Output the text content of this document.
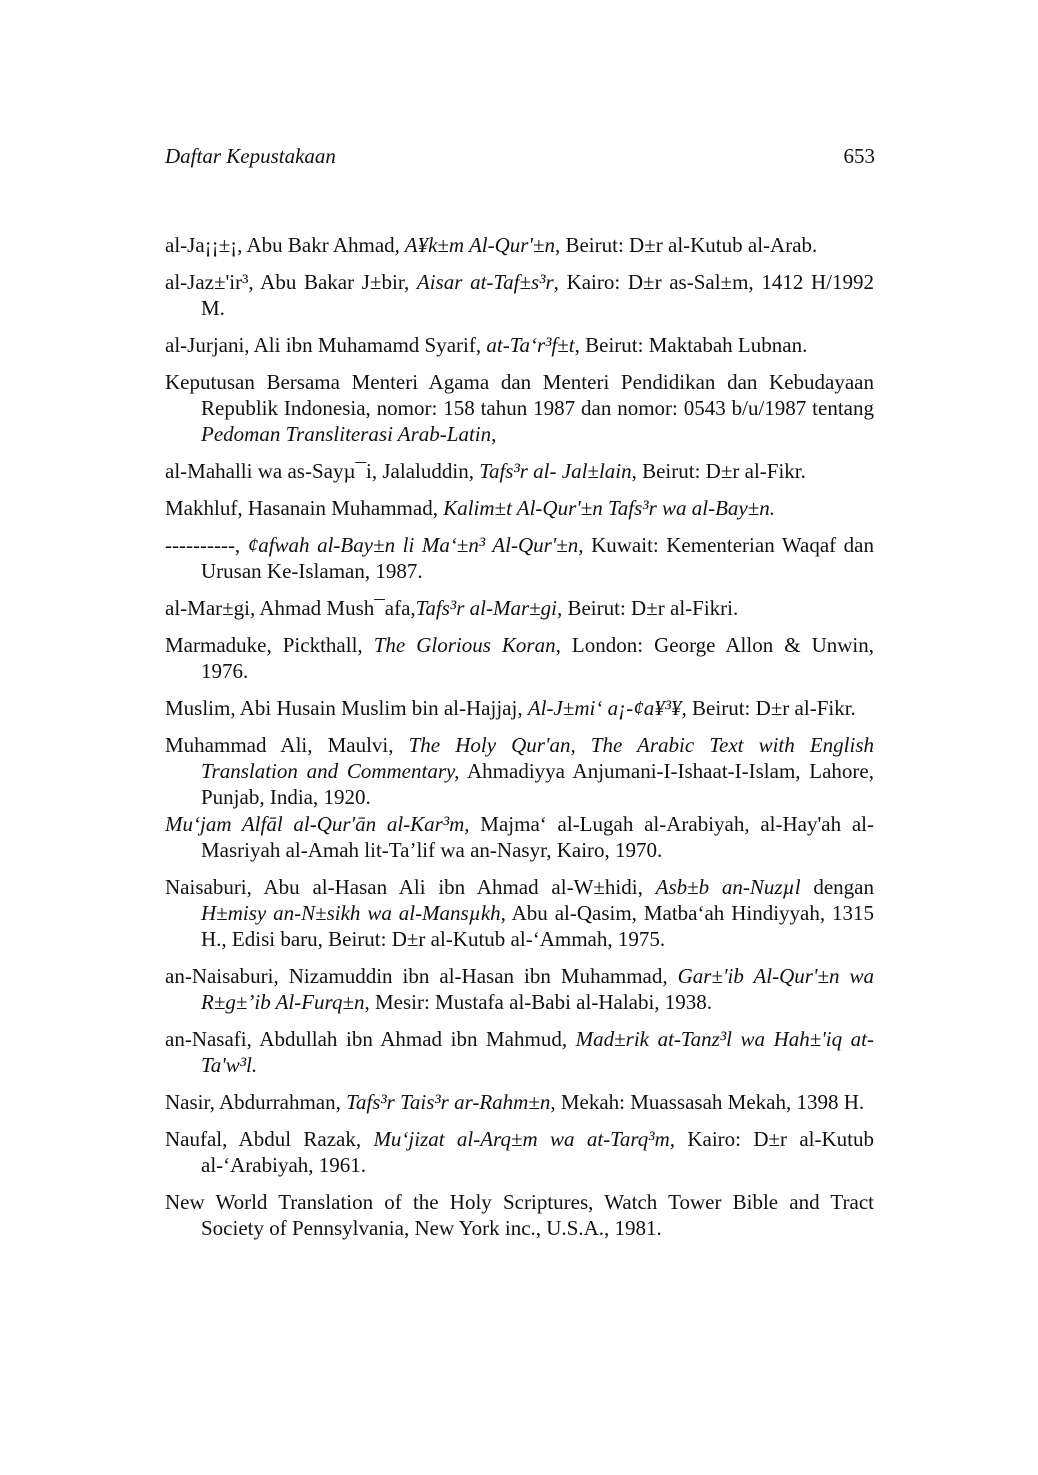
Daftar Kepustakaan	653

al-Ja¡¡±¡, Abu Bakr Ahmad, A¥k±m Al-Qur'±n, Beirut: D±r al-Kutub al-Arab.

al-Jaz±'ir³, Abu Bakar J±bir, Aisar at-Taf±s³r, Kairo: D±r as-Sal±m, 1412 H/1992 M.

al-Jurjani, Ali ibn Muhamamd Syarif, at-Ta‘r³f±t, Beirut: Maktabah Lubnan.

Keputusan Bersama Menteri Agama dan Menteri Pendidikan dan Kebudayaan Republik Indonesia, nomor: 158 tahun 1987 dan nomor: 0543 b/u/1987 tentang Pedoman Transliterasi Arab-Latin,

al-Mahalli wa as-Sayµ¯i, Jalaluddin, Tafs³r al- Jal±lain, Beirut: D±r al-Fikr.

Makhluf, Hasanain Muhammad, Kalim±t Al-Qur'±n Tafs³r wa al-Bay±n.

----------, ¢afwah al-Bay±n li Ma‘±n³ Al-Qur'±n, Kuwait: Kementerian Waqaf dan Urusan Ke-Islaman, 1987.

al-Mar±gi, Ahmad Mush¯afa,Tafs³r al-Mar±gi, Beirut: D±r al-Fikri.

Marmaduke, Pickthall, The Glorious Koran, London: George Allon & Unwin, 1976.

Muslim, Abi Husain Muslim bin al-Hajjaj, Al-J±mi‘ a¡-¢a¥³¥, Beirut: D±r al-Fikr.

Muhammad Ali, Maulvi, The Holy Qur'an, The Arabic Text with English Translation and Commentary, Ahmadiyya Anjumani-I-Ishaat-I-Islam, Lahore, Punjab, India, 1920.

Mu‘jam Alfāl al-Qur'ān al-Kar³m, Majma‘ al-Lugah al-Arabiyah, al-Hay'ah al-Masriyah al-Amah lit-Ta’lif wa an-Nasyr, Kairo, 1970.

Naisaburi, Abu al-Hasan Ali ibn Ahmad al-W±hidi, Asb±b an-Nuzµl dengan H±misy an-N±sikh wa al-Mansµkh, Abu al-Qasim, Matba‘ah Hindiyyah, 1315 H., Edisi baru, Beirut: D±r al-Kutub al-‘Ammah, 1975.

an-Naisaburi, Nizamuddin ibn al-Hasan ibn Muhammad, Gar±'ib Al-Qur'±n wa R±g±’ib Al-Furq±n, Mesir: Mustafa al-Babi al-Halabi, 1938.

an-Nasafi, Abdullah ibn Ahmad ibn Mahmud, Mad±rik at-Tanz³l wa Hah±'iq at-Ta'w³l.

Nasir, Abdurrahman, Tafs³r Tais³r ar-Rahm±n, Mekah: Muassasah Mekah, 1398 H.

Naufal, Abdul Razak, Mu‘jizat al-Arq±m wa at-Tarq³m, Kairo: D±r al-Kutub al-‘Arabiyah, 1961.

New World Translation of the Holy Scriptures, Watch Tower Bible and Tract Society of Pennsylvania, New York inc., U.S.A., 1981.
